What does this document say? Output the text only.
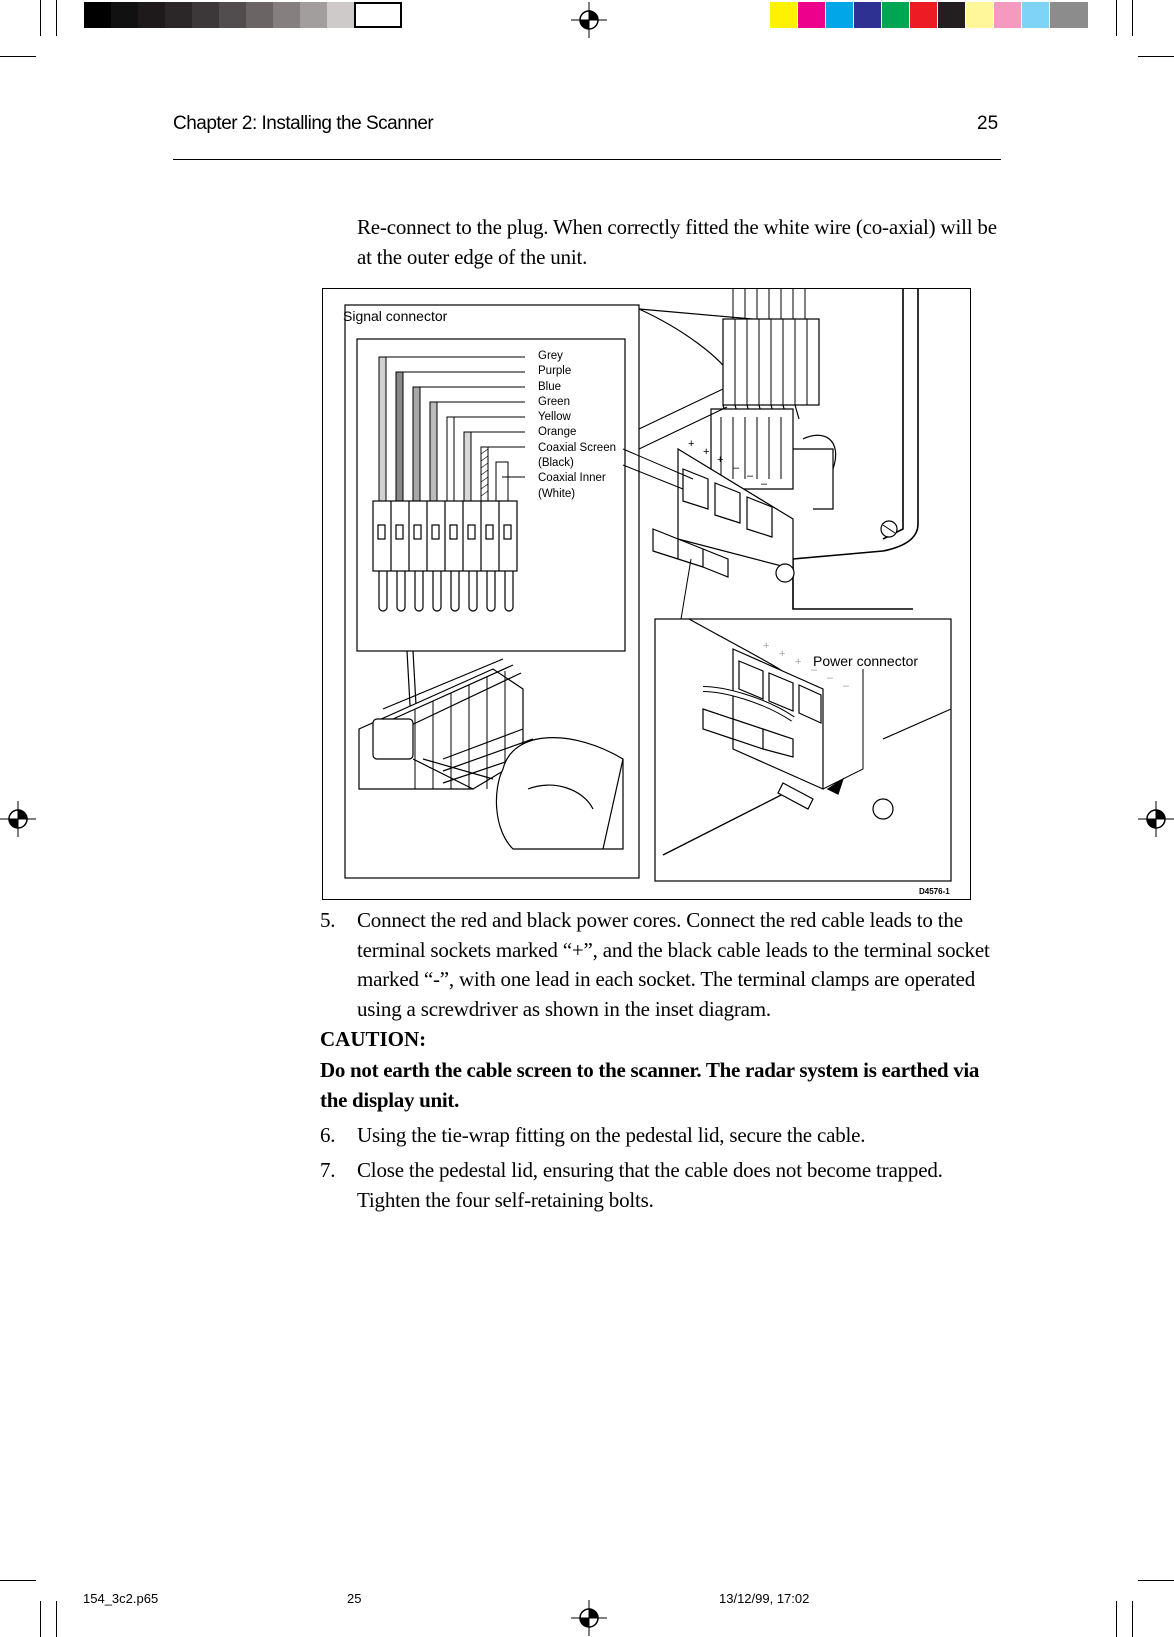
Chapter 2: Installing the Scanner	25
Re-connect to the plug. When correctly fitted the white wire (co-axial) will be at the outer edge of the unit.
+
+
+
–
–
–
+
+
+
–
–
–
Signal connector
Power connector
D4576-1
Grey
Purple
Blue
Green
Yellow
Orange
Coaxial Screen
(Black)
Coaxial Inner
(White)
5. Connect the red and black power cores. Connect the red cable leads to the terminal sockets marked “+”, and the black cable leads to the terminal socket marked “-”, with one lead in each socket. The terminal clamps are operated using a screwdriver as shown in the inset diagram.
CAUTION:
Do not earth the cable screen to the scanner. The radar system is earthed via the display unit.
6. Using the tie-wrap fitting on the pedestal lid, secure the cable.
7. Close the pedestal lid, ensuring that the cable does not become trapped. Tighten the four self-retaining bolts.
154_3c2.p65	25	13/12/99, 17:02
